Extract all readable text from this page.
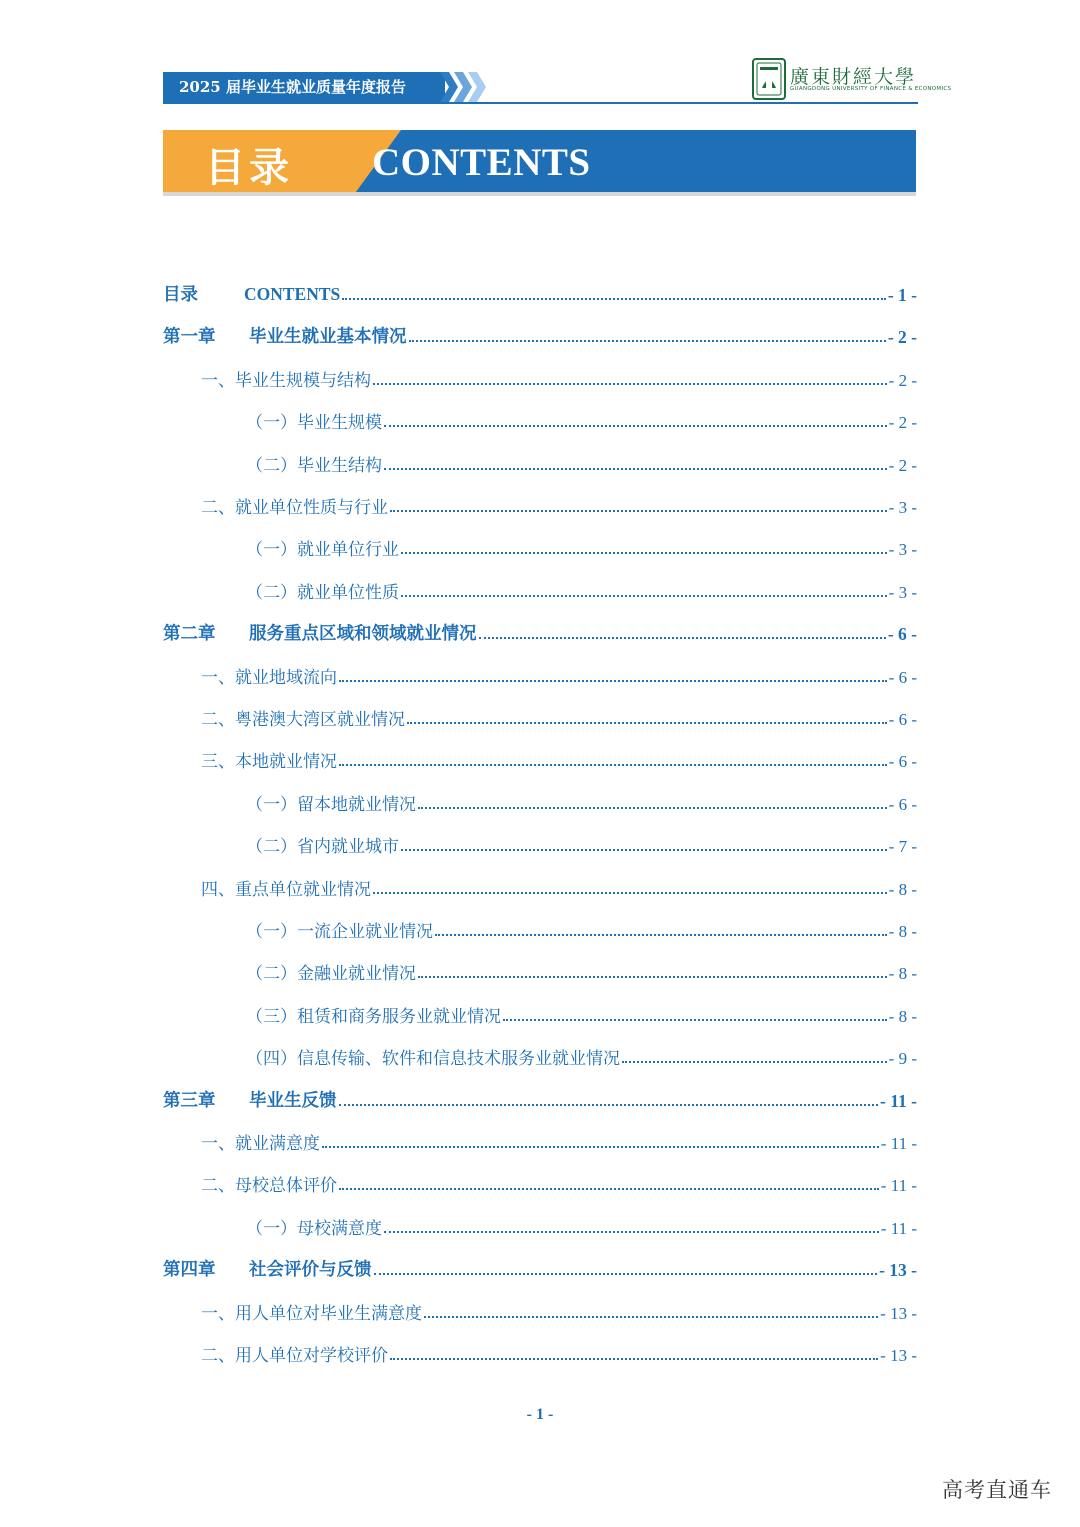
2025 届毕业生就业质量年度报告	廣東財經大學
GUANGDONG UNIVERSITY OF FINANCE & ECONOMICS
目录 CONTENTS
目录	CONTENTS	- 1 -
第一章 毕业生就业基本情况	- 2 -
一、毕业生规模与结构	- 2 -
（一）毕业生规模	- 2 -
（二）毕业生结构	- 2 -
二、就业单位性质与行业	- 3 -
（一）就业单位行业	- 3 -
（二）就业单位性质	- 3 -
第二章 服务重点区域和领域就业情况	- 6 -
一、就业地域流向	- 6 -
二、粤港澳大湾区就业情况	- 6 -
三、本地就业情况	- 6 -
（一）留本地就业情况	- 6 -
（二）省内就业城市	- 7 -
四、重点单位就业情况	- 8 -
（一）一流企业就业情况	- 8 -
（二）金融业就业情况	- 8 -
（三）租赁和商务服务业就业情况	- 8 -
（四）信息传输、软件和信息技术服务业就业情况	- 9 -
第三章 毕业生反馈	- 11 -
一、就业满意度	- 11 -
二、母校总体评价	- 11 -
（一）母校满意度	- 11 -
第四章 社会评价与反馈	- 13 -
一、用人单位对毕业生满意度	- 13 -
二、用人单位对学校评价	- 13 -
- 1 -
高考直通车
